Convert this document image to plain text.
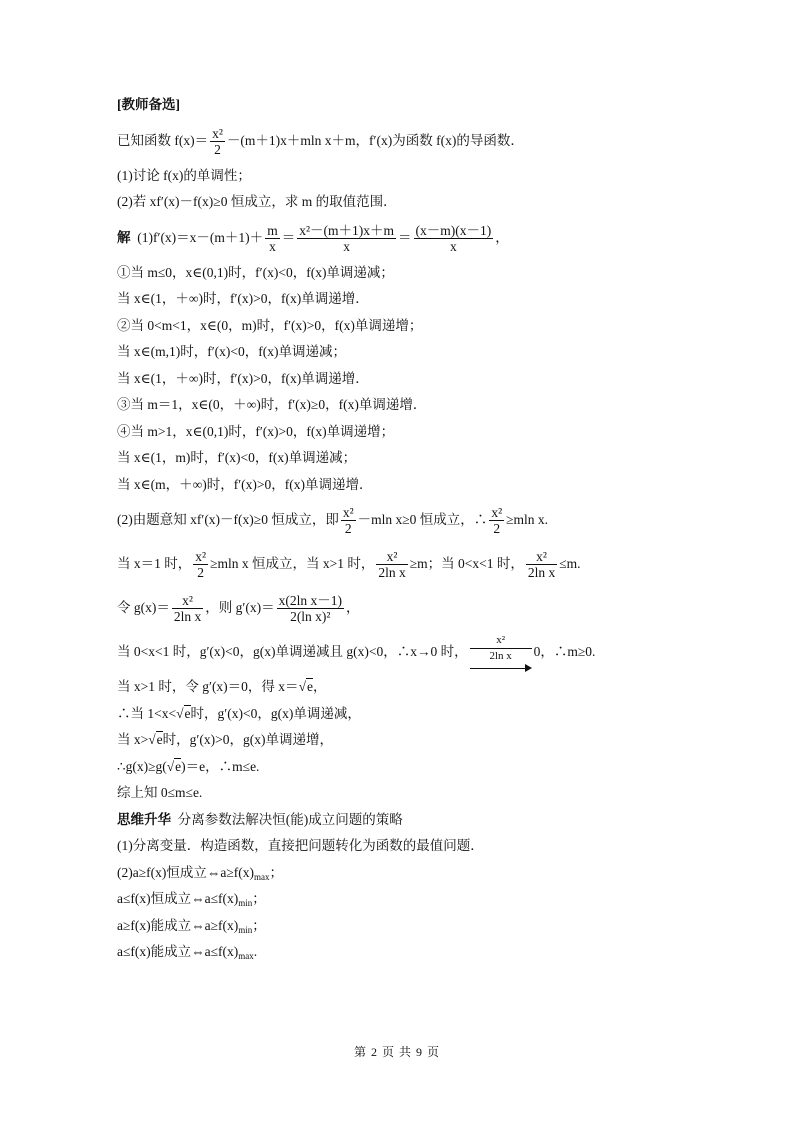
[教师备选]
已知函数 $f(x)= \frac{\text{x²}}{2} -(m+1)x+mln$ x＋m，f′(x)为函数 f(x)的导函数．
(1)讨论 f(x)的单调性；
(2)若 xf′(x)－f(x)≥0 恒成立，求 m 的取值范围．
解 $(1)f'(x)=x-(m+1)+ \frac{m}{x} = \frac{\text{x²－(m＋1)x＋m}}{x} = \frac{(x-m)(x-1)}{x}$ ，
①当 m≤0，x∈(0,1)时，f′(x)<0，f(x)单调递减；
当 x∈(1，＋∞)时，f′(x)>0，f(x)单调递增．
②当 0<m<1，x∈(0，m)时，f′(x)>0，f(x)单调递增；
当 x∈(m,1)时，f′(x)<0，f(x)单调递减；
当 x∈(1，＋∞)时，f′(x)>0，f(x)单调递增．
③当 m＝1，x∈(0，＋∞)时，f′(x)≥0，f(x)单调递增．
④当 m>1，x∈(0,1)时，f′(x)>0，f(x)单调递增；
当 x∈(1，m)时，f′(x)<0，f(x)单调递减；
当 x∈(m，＋∞)时，f′(x)>0，f(x)单调递增．
(2)由题意知 xf′(x)－f(x)≥0 恒成立，即 $\frac{\text{x²}}{2} -mln$ x≥0 恒成立，∴ $\frac{\text{x²}}{2} \ge mln$ x.
当 x＝1 时， $\frac{\text{x²}}{2} \ge mln$ x 恒成立，当 x>1 时， $\frac{\text{x²}}{\text{2ln x}} \ge m$；当 0<x<1 时， $\frac{\text{x²}}{\text{2ln x}} \le m$.
令 $g(x)= \frac{\text{x²}}{\text{2ln x}}$ ，则 $g'(x)= \frac{\text{x(2ln x－1)}}{\text{2(ln x)²}}$ ，
当 0<x<1 时，g′(x)<0，g(x)单调递减且 g(x)<0，∴x→0 时，
x²
2ln x	0，∴m≥0.
当 x>1 时，令 g′(x)＝0，得 x＝√e，
∴当 1<x<√e时，g′(x)<0，g(x)单调递减，
当 x>√e时，g′(x)>0，g(x)单调递增，
∴g(x)≥g(√e)＝e，∴m≤e.
综上知 0≤m≤e.
思维升华 分离参数法解决恒(能)成立问题的策略
(1)分离变量．构造函数，直接把问题转化为函数的最值问题．
(2)a≥f(x)恒成立$\Leftrightarrow a\ge f(x)_{max}$；
a≤f(x)恒成立$\Leftrightarrow a\le f(x)_{min}$；
a≥f(x)能成立$\Leftrightarrow a\ge f(x)_{min}$；
a≤f(x)能成立$\Leftrightarrow a\le f(x)_{max}$.
第 2 页 共 9 页
